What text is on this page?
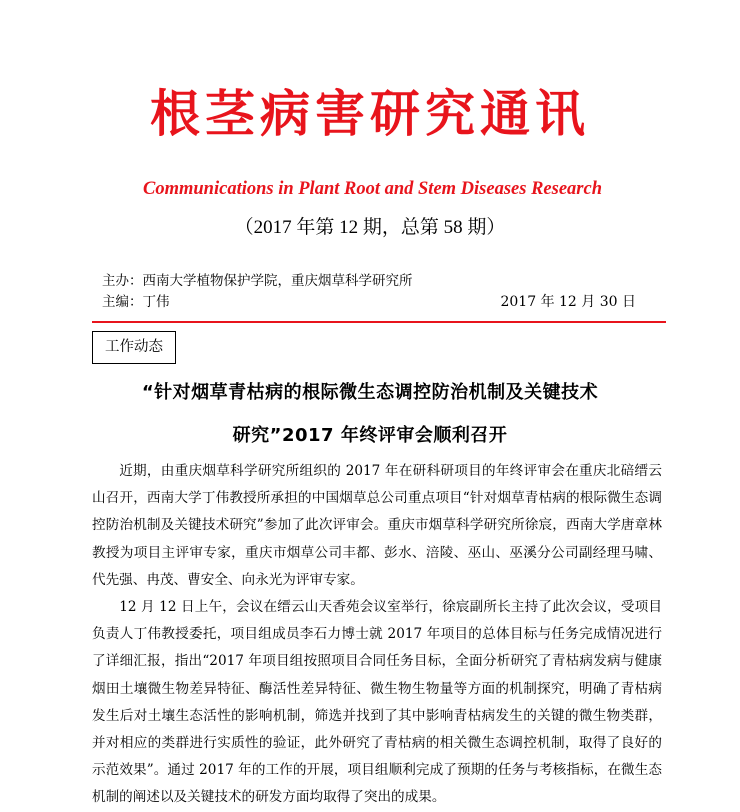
根茎病害研究通讯
Communications in Plant Root and Stem Diseases Research
（2017 年第 12 期，总第 58 期）
主办：西南大学植物保护学院，重庆烟草科学研究所
主编：丁伟	2017 年 12 月 30 日
工作动态
“针对烟草青枯病的根际微生态调控防治机制及关键技术
研究”2017 年终评审会顺利召开

近期，由重庆烟草科学研究所组织的 2017 年在研科研项目的年终评审会在重庆北碚缙云山召开，西南大学丁伟教授所承担的中国烟草总公司重点项目“针对烟草青枯病的根际微生态调控防治机制及关键技术研究”参加了此次评审会。重庆市烟草科学研究所徐宸，西南大学唐章林教授为项目主评审专家，重庆市烟草公司丰都、彭水、涪陵、巫山、巫溪分公司副经理马啸、代先强、冉茂、曹安全、向永光为评审专家。

12 月 12 日上午，会议在缙云山天香苑会议室举行，徐宸副所长主持了此次会议，受项目负责人丁伟教授委托，项目组成员李石力博士就 2017 年项目的总体目标与任务完成情况进行了详细汇报，指出“2017 年项目组按照项目合同任务目标，全面分析研究了青枯病发病与健康烟田土壤微生物差异特征、酶活性差异特征、微生物生物量等方面的机制探究，明确了青枯病发生后对土壤生态活性的影响机制，筛选并找到了其中影响青枯病发生的关键的微生物类群，并对相应的类群进行实质性的验证，此外研究了青枯病的相关微生态调控机制，取得了良好的示范效果”。通过 2017 年的工作的开展，项目组顺利完成了预期的任务与考核指标，在微生态机制的阐述以及关键技术的研发方面均取得了突出的成果。
